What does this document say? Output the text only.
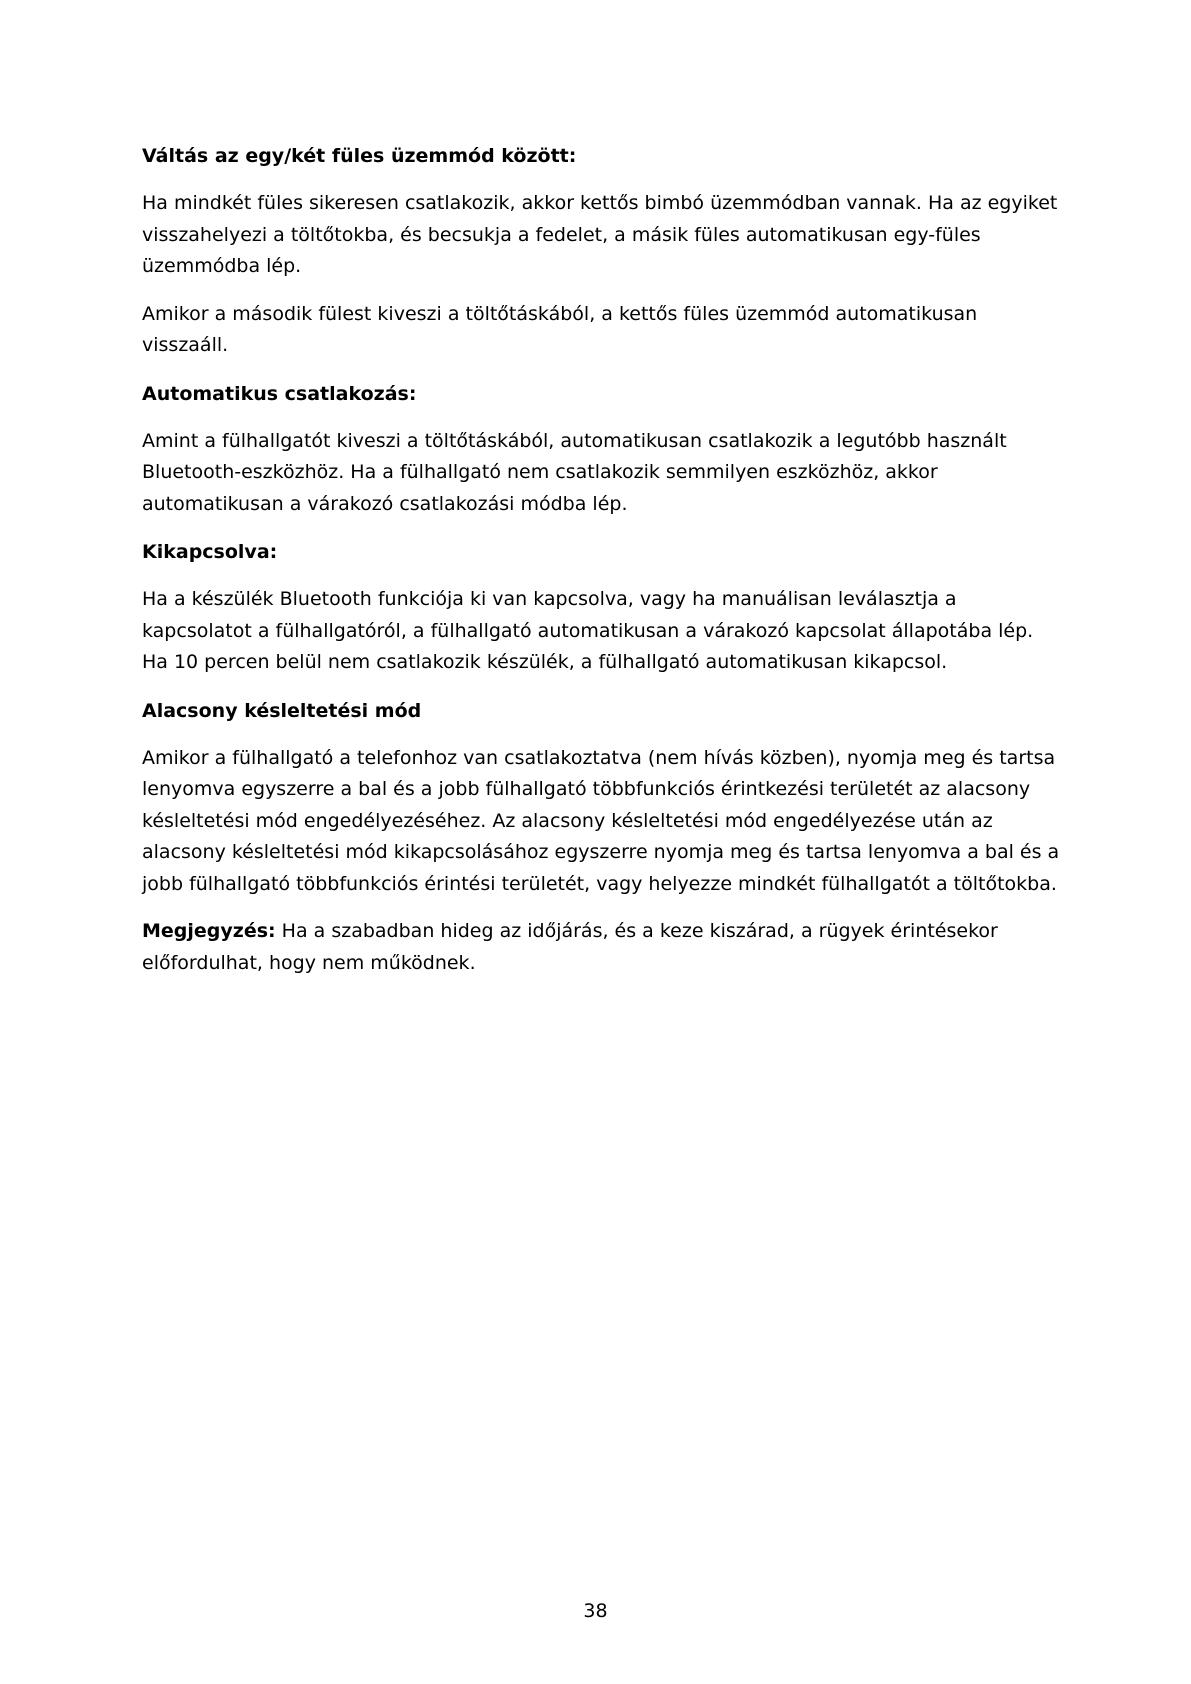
Váltás az egy/két füles üzemmód között:

Ha mindkét füles sikeresen csatlakozik, akkor kettős bimbó üzemmódban vannak. Ha az egyiket visszahelyezi a töltőtokba, és becsukja a fedelet, a másik füles automatikusan egy-füles üzemmódba lép.

Amikor a második fülest kiveszi a töltőtáskából, a kettős füles üzemmód automatikusan visszaáll.

Automatikus csatlakozás:

Amint a fülhallgatót kiveszi a töltőtáskából, automatikusan csatlakozik a legutóbb használt Bluetooth-eszközhöz. Ha a fülhallgató nem csatlakozik semmilyen eszközhöz, akkor automatikusan a várakozó csatlakozási módba lép.

Kikapcsolva:

Ha a készülék Bluetooth funkciója ki van kapcsolva, vagy ha manuálisan leválasztja a kapcsolatot a fülhallgatóról, a fülhallgató automatikusan a várakozó kapcsolat állapotába lép. Ha 10 percen belül nem csatlakozik készülék, a fülhallgató automatikusan kikapcsol.

Alacsony késleltetési mód

Amikor a fülhallgató a telefonhoz van csatlakoztatva (nem hívás közben), nyomja meg és tartsa lenyomva egyszerre a bal és a jobb fülhallgató többfunkciós érintkezési területét az alacsony késleltetési mód engedélyezéséhez. Az alacsony késleltetési mód engedélyezése után az alacsony késleltetési mód kikapcsolásához egyszerre nyomja meg és tartsa lenyomva a bal és a jobb fülhallgató többfunkciós érintési területét, vagy helyezze mindkét fülhallgatót a töltőtokba.

Megjegyzés: Ha a szabadban hideg az időjárás, és a keze kiszárad, a rügyek érintésekor előfordulhat, hogy nem működnek.

38
